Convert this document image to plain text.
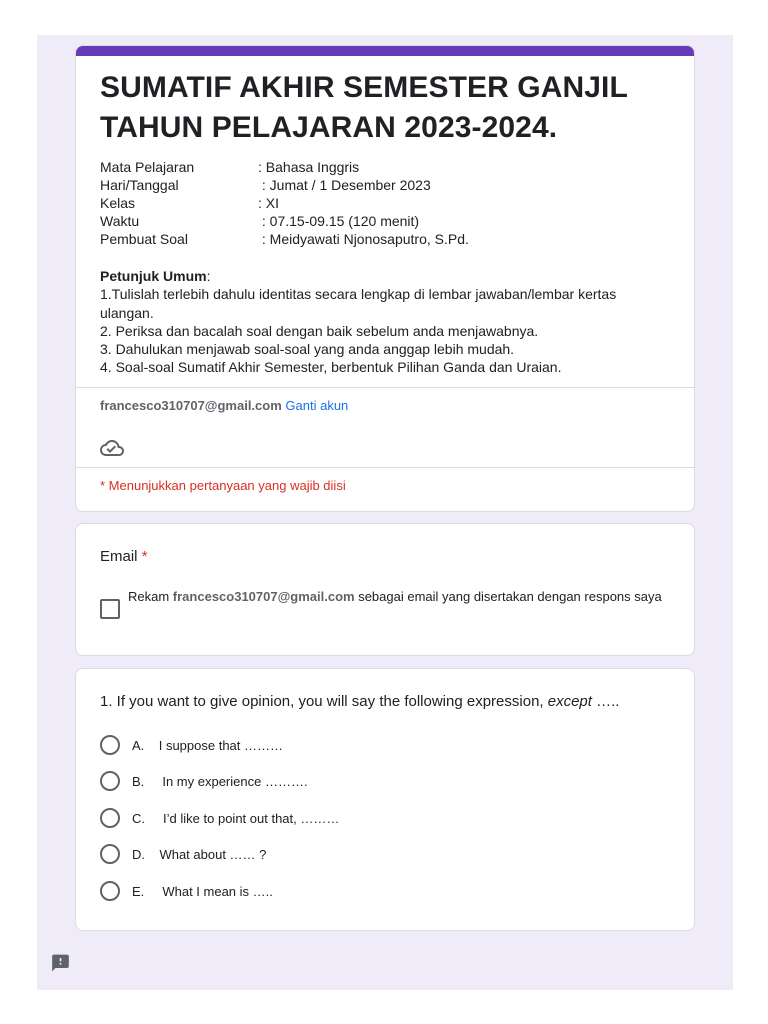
SUMATIF AKHIR SEMESTER GANJIL TAHUN PELAJARAN 2023-2024.
Mata Pelajaran	: Bahasa Inggris
Hari/Tanggal	: Jumat / 1 Desember 2023
Kelas	: XI
Waktu	: 07.15-09.15 (120 menit)
Pembuat Soal	: Meidyawati Njonosaputro, S.Pd.
Petunjuk Umum:
1.Tulislah terlebih dahulu identitas secara lengkap di lembar jawaban/lembar kertas ulangan.
2. Periksa dan bacalah soal dengan baik sebelum anda menjawabnya.
3. Dahulukan menjawab soal-soal yang anda anggap lebih mudah.
4. Soal-soal Sumatif Akhir Semester, berbentuk Pilihan Ganda dan Uraian.
francesco310707@gmail.com Ganti akun
* Menunjukkan pertanyaan yang wajib diisi
Email *
Rekam francesco310707@gmail.com sebagai email yang disertakan dengan respons saya
1. If you want to give opinion, you will say the following expression, except …..
A.    I suppose that ………
B.     In my experience ……….
C.     I’d like to point out that, ………
D.    What about …… ?
E.     What I mean is …..
